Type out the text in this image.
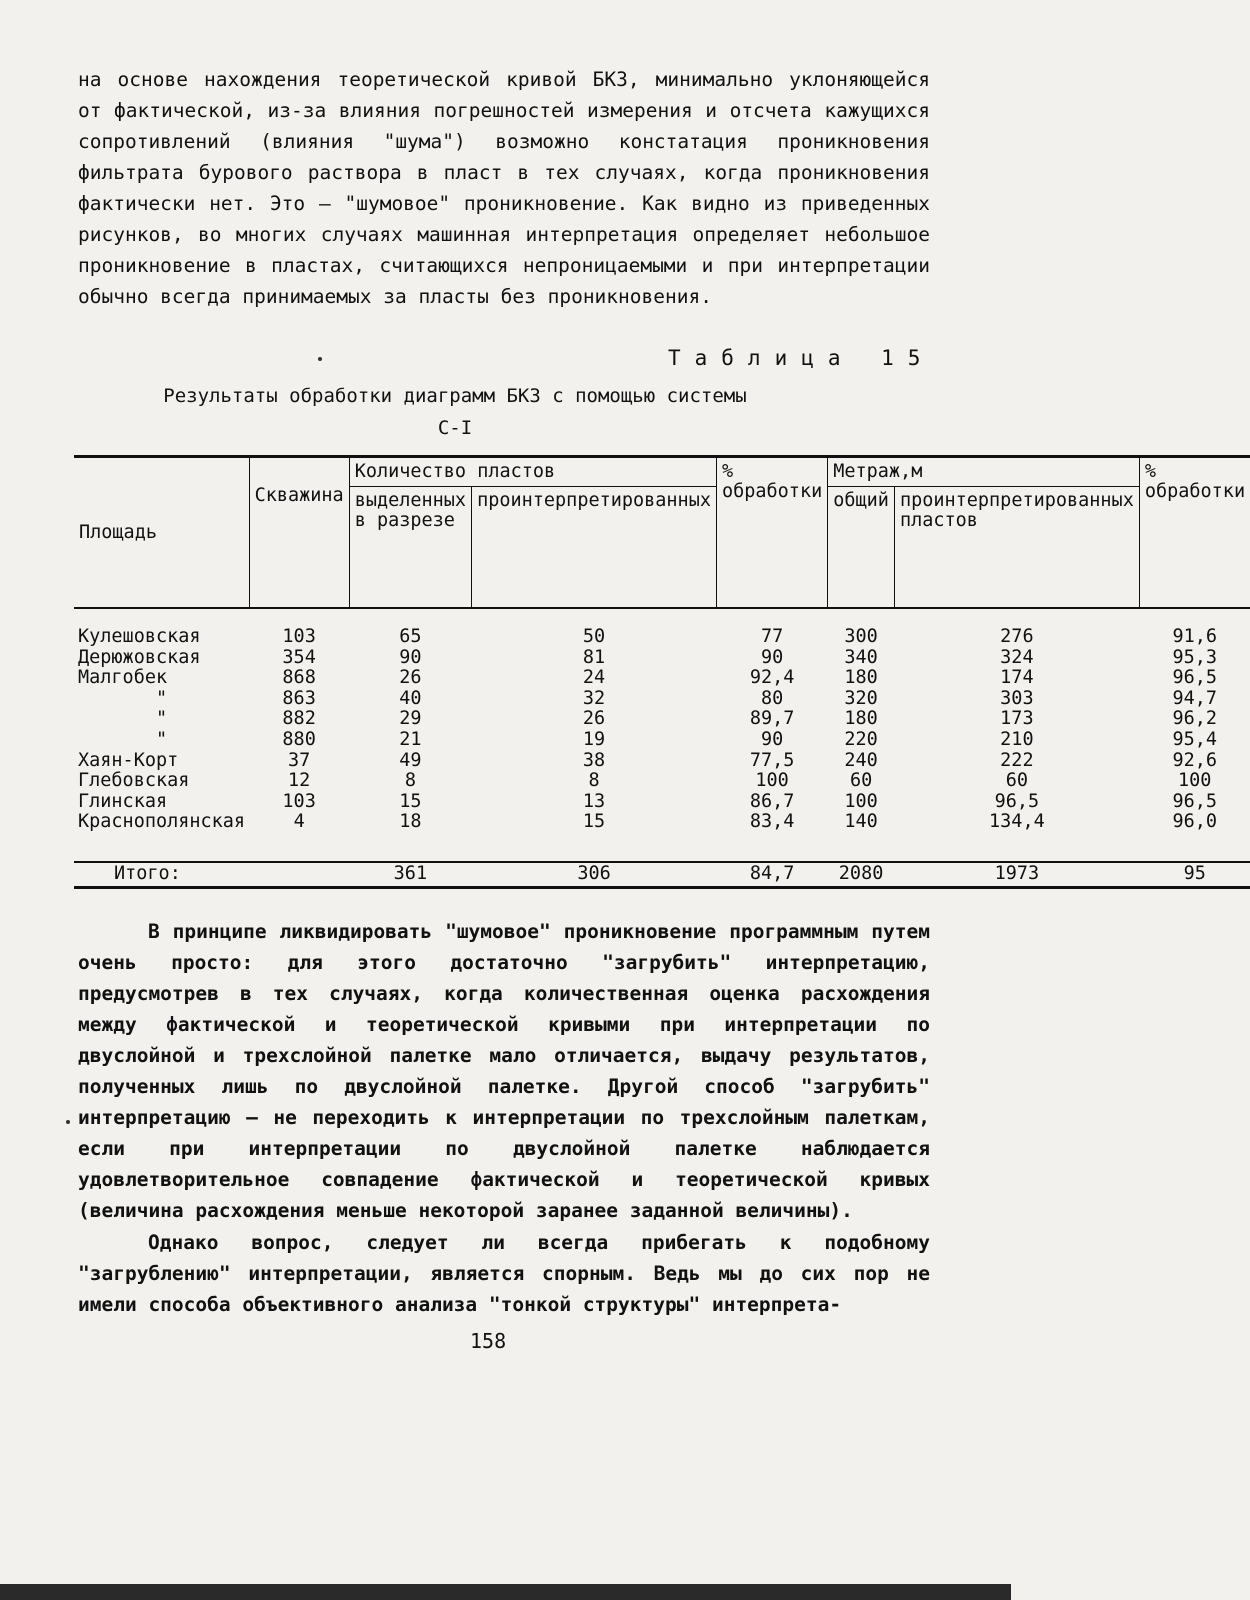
на основе нахождения теоретической кривой БКЗ, минимально уклоняющейся от фактической, из-за влияния погрешностей измерения и отсчета кажущихся сопротивлений (влияния "шума") возможно констатация проникновения фильтрата бурового раствора в пласт в тех случаях, когда проникновения фактически нет. Это – "шумовое" проникновение. Как видно из приведенных рисунков, во многих случаях машинная интерпретация определяет небольшое проникновение в пластах, считающихся непроницаемыми и при интерпретации обычно всегда принимаемых за пласты без проникновения.
Таблица 15
Результаты обработки диаграмм БКЗ с помощью системы С-I
Площадь	Скважина	Количество пластов		% обработки	Метраж,м		% обработки
		выделенных в разрезе	проинтерпретированных		общий	проинтерпретированных пластов	
Кулешовская	103	65	50	77	300	276	91,6
Дерюжовская	354	90	81	90	340	324	95,3
Малгобек	868	26	24	92,4	180	174	96,5
"	863	40	32	80	320	303	94,7
"	882	29	26	89,7	180	173	96,2
"	880	21	19	90	220	210	95,4
Хаян-Корт	37	49	38	77,5	240	222	92,6
Глебовская	12	8	8	100	60	60	100
Глинская	103	15	13	86,7	100	96,5	96,5
Краснополянская	4	18	15	83,4	140	134,4	96,0
Итого:		361	306	84,7	2080	1973	95
В принципе ликвидировать "шумовое" проникновение программным путем очень просто: для этого достаточно "загрубить" интерпретацию, предусмотрев в тех случаях, когда количественная оценка расхождения между фактической и теоретической кривыми при интерпретации по двуслойной и трехслойной палетке мало отличается, выдачу результатов, полученных лишь по двуслойной палетке. Другой способ "загрубить" интерпретацию – не переходить к интерпретации по трехслойным палеткам, если при интерпретации по двуслойной палетке наблюдается удовлетворительное совпадение фактической и теоретической кривых (величина расхождения меньше некоторой заранее заданной величины).
Однако вопрос, следует ли всегда прибегать к подобному "загрублению" интерпретации, является спорным. Ведь мы до сих пор не имели способа объективного анализа "тонкой структуры" интерпрета-
158
